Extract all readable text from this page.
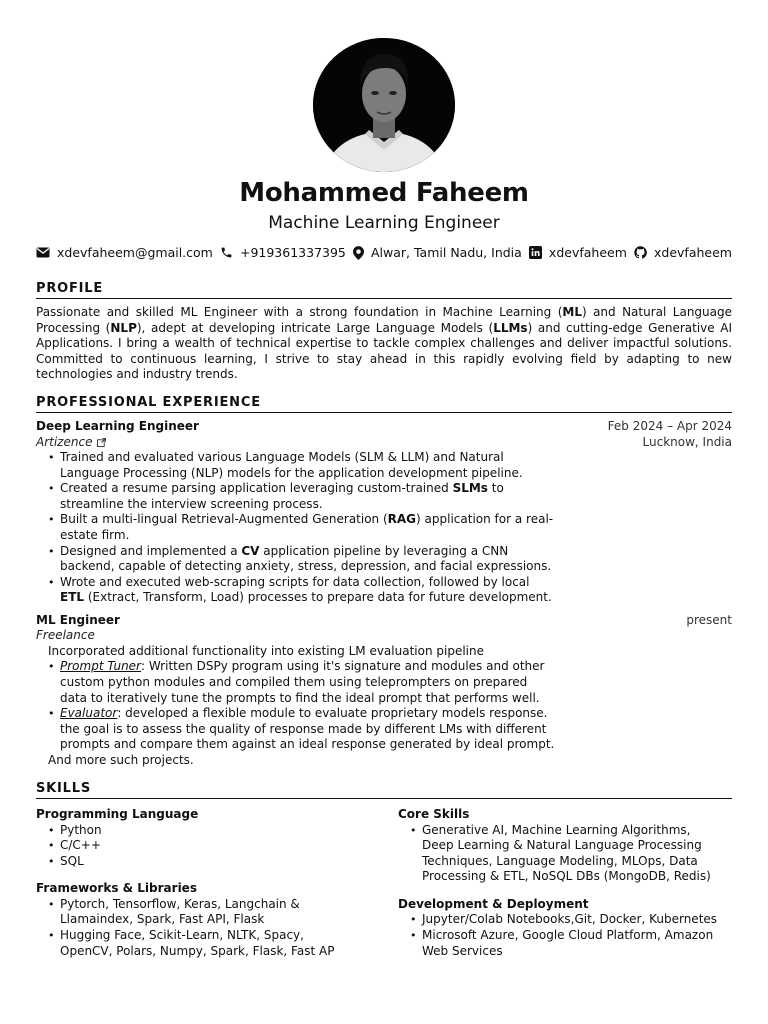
Mohammed Faheem
Machine Learning Engineer
xdevfaheem@gmail.com +919361337395 Alwar, Tamil Nadu, India xdevfaheem xdevfaheem
PROFILE
Passionate and skilled ML Engineer with a strong foundation in Machine Learning (ML) and Natural Language Processing (NLP), adept at developing intricate Large Language Models (LLMs) and cutting-edge Generative AI Applications. I bring a wealth of technical expertise to tackle complex challenges and deliver impactful solutions. Committed to continuous learning, I strive to stay ahead in this rapidly evolving field by adapting to new technologies and industry trends.
PROFESSIONAL EXPERIENCE
Deep Learning Engineer	Feb 2024 – Apr 2024
Artizence	Lucknow, India
• Trained and evaluated various Language Models (SLM & LLM) and Natural Language Processing (NLP) models for the application development pipeline.
• Created a resume parsing application leveraging custom-trained SLMs to streamline the interview screening process.
• Built a multi-lingual Retrieval-Augmented Generation (RAG) application for a real-estate firm.
• Designed and implemented a CV application pipeline by leveraging a CNN backend, capable of detecting anxiety, stress, depression, and facial expressions.
• Wrote and executed web-scraping scripts for data collection, followed by local ETL (Extract, Transform, Load) processes to prepare data for future development.
ML Engineer	present
Freelance
Incorporated additional functionality into existing LM evaluation pipeline
• Prompt Tuner: Written DSPy program using it's signature and modules and other custom python modules and compiled them using teleprompters on prepared data to iteratively tune the prompts to find the ideal prompt that performs well.
• Evaluator: developed a flexible module to evaluate proprietary models response. the goal is to assess the quality of response made by different LMs with different prompts and compare them against an ideal response generated by ideal prompt.
And more such projects.
SKILLS
Programming Language
• Python
• C/C++
• SQL
Frameworks & Libraries
• Pytorch, Tensorflow, Keras, Langchain & Llamaindex, Spark, Fast API, Flask
• Hugging Face, Scikit-Learn, NLTK, Spacy, OpenCV, Polars, Numpy, Spark, Flask, Fast AP
Core Skills
• Generative AI, Machine Learning Algorithms, Deep Learning & Natural Language Processing Techniques, Language Modeling, MLOps, Data Processing & ETL, NoSQL DBs (MongoDB, Redis)
Development & Deployment
• Jupyter/Colab Notebooks,Git, Docker, Kubernetes
• Microsoft Azure, Google Cloud Platform, Amazon Web Services
